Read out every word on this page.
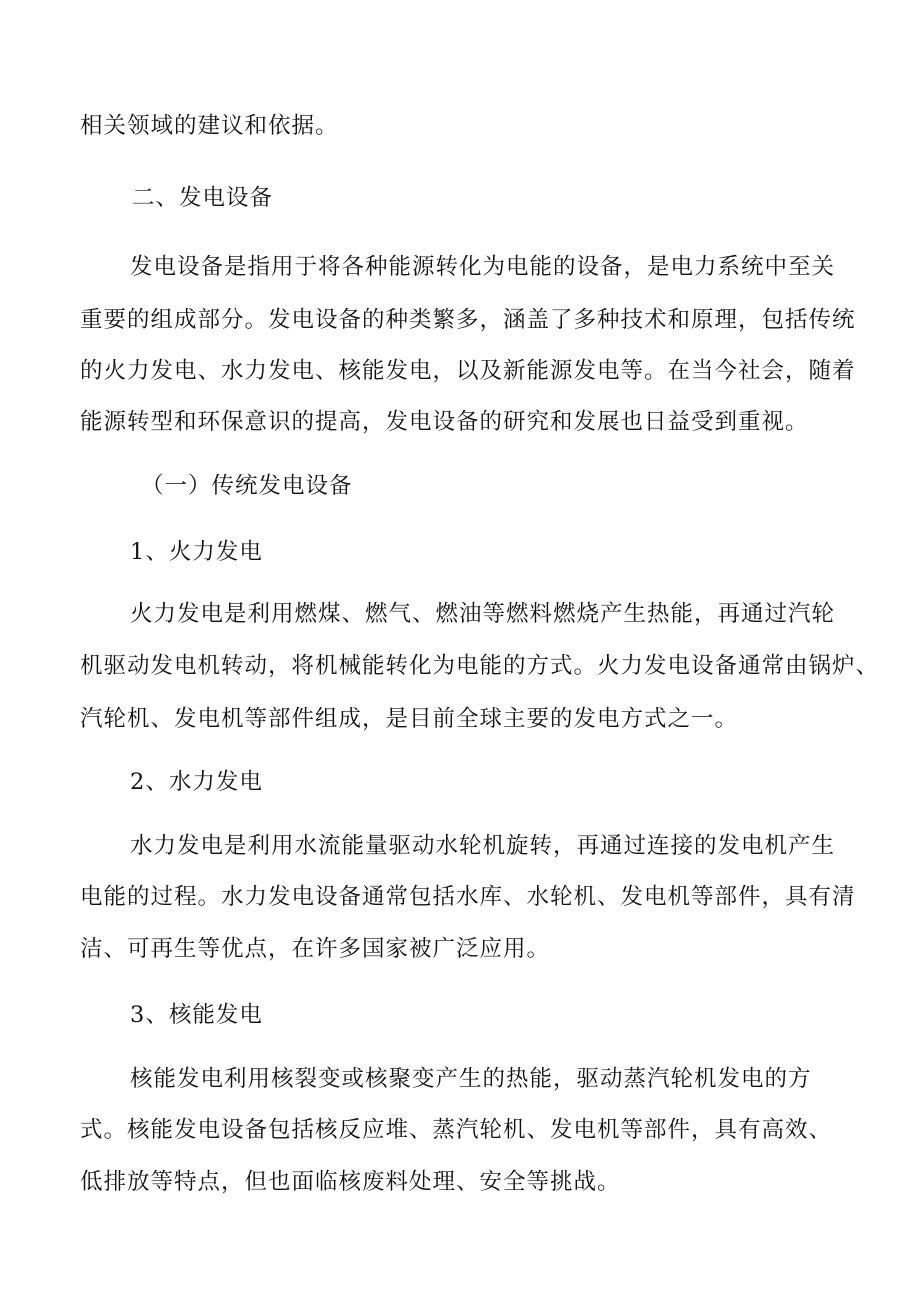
相关领域的建议和依据。
二、发电设备
发电设备是指用于将各种能源转化为电能的设备，是电力系统中至关
重要的组成部分。发电设备的种类繁多，涵盖了多种技术和原理，包括传统
的火力发电、水力发电、核能发电，以及新能源发电等。在当今社会，随着
能源转型和环保意识的提高，发电设备的研究和发展也日益受到重视。
（一）传统发电设备
1、火力发电
火力发电是利用燃煤、燃气、燃油等燃料燃烧产生热能，再通过汽轮
机驱动发电机转动，将机械能转化为电能的方式。火力发电设备通常由锅炉、
汽轮机、发电机等部件组成，是目前全球主要的发电方式之一。
2、水力发电
水力发电是利用水流能量驱动水轮机旋转，再通过连接的发电机产生
电能的过程。水力发电设备通常包括水库、水轮机、发电机等部件，具有清
洁、可再生等优点，在许多国家被广泛应用。
3、核能发电
核能发电利用核裂变或核聚变产生的热能，驱动蒸汽轮机发电的方
式。核能发电设备包括核反应堆、蒸汽轮机、发电机等部件，具有高效、
低排放等特点，但也面临核废料处理、安全等挑战。
